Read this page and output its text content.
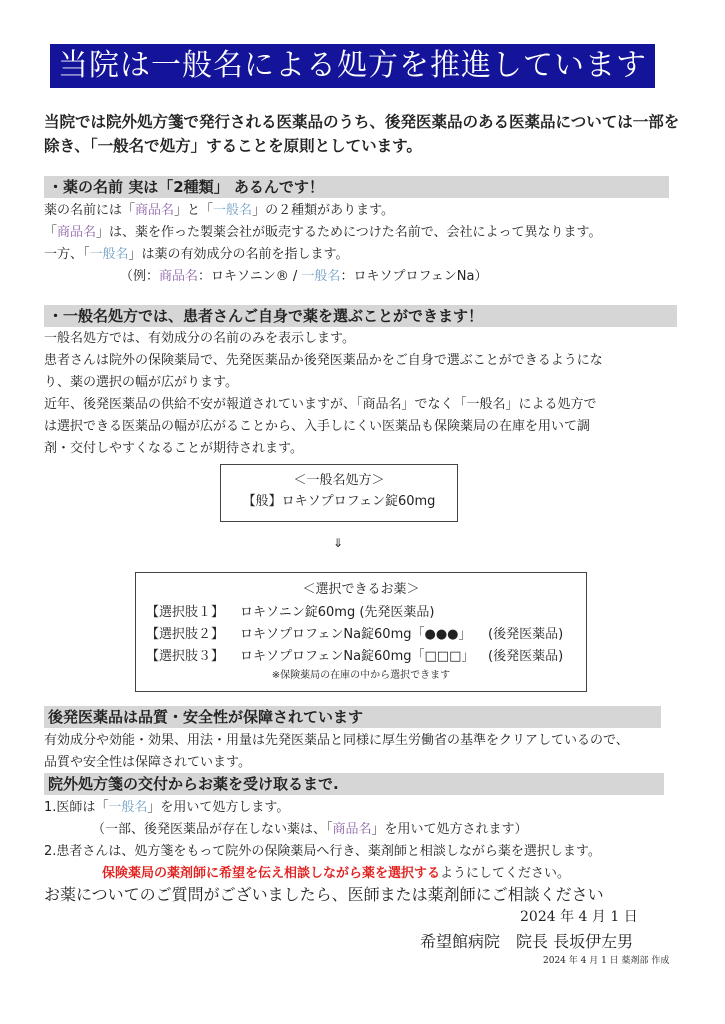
当院は一般名による処方を推進しています
当院では院外処方箋で発行される医薬品のうち、後発医薬品のある医薬品については一部を除き、「一般名で処方」することを原則としています。
・薬の名前 実は「2種類」 あるんです！
薬の名前には「商品名」と「一般名」の２種類があります。
「商品名」は、薬を作った製薬会社が販売するためにつけた名前で、会社によって異なります。
一方、「一般名」は薬の有効成分の名前を指します。
（例：商品名：ロキソニン® / 一般名：ロキソプロフェンNa）
・一般名処方では、患者さんご自身で薬を選ぶことができます！
一般名処方では、有効成分の名前のみを表示します。
患者さんは院外の保険薬局で、先発医薬品か後発医薬品かをご自身で選ぶことができるようにな
り、薬の選択の幅が広がります。
近年、後発医薬品の供給不安が報道されていますが、「商品名」でなく「一般名」による処方で
は選択できる医薬品の幅が広がることから、入手しにくい医薬品も保険薬局の在庫を用いて調
剤・交付しやすくなることが期待されます。
＜一般名処方＞
【般】ロキソプロフェン錠60mg
⇓
＜選択できるお薬＞
【選択肢１】 ロキソニン錠60mg (先発医薬品)
【選択肢２】 ロキソプロフェンNa錠60mg「●●●」 (後発医薬品)
【選択肢３】 ロキソプロフェンNa錠60mg「□□□」 (後発医薬品)
※保険薬局の在庫の中から選択できます
後発医薬品は品質・安全性が保障されています
有効成分や効能・効果、用法・用量は先発医薬品と同様に厚生労働省の基準をクリアしているので、
品質や安全性は保障されています。
院外処方箋の交付からお薬を受け取るまで.
1.医師は「一般名」を用いて処方します。
（一部、後発医薬品が存在しない薬は、「商品名」を用いて処方されます）
2.患者さんは、処方箋をもって院外の保険薬局へ行き、薬剤師と相談しながら薬を選択します。
保険薬局の薬剤師に希望を伝え相談しながら薬を選択するようにしてください。
お薬についてのご質問がございましたら、医師または薬剤師にご相談ください
2024 年 4 月 1 日
希望館病院　院長 長坂伊左男
2024 年 4 月 1 日 薬剤部 作成
